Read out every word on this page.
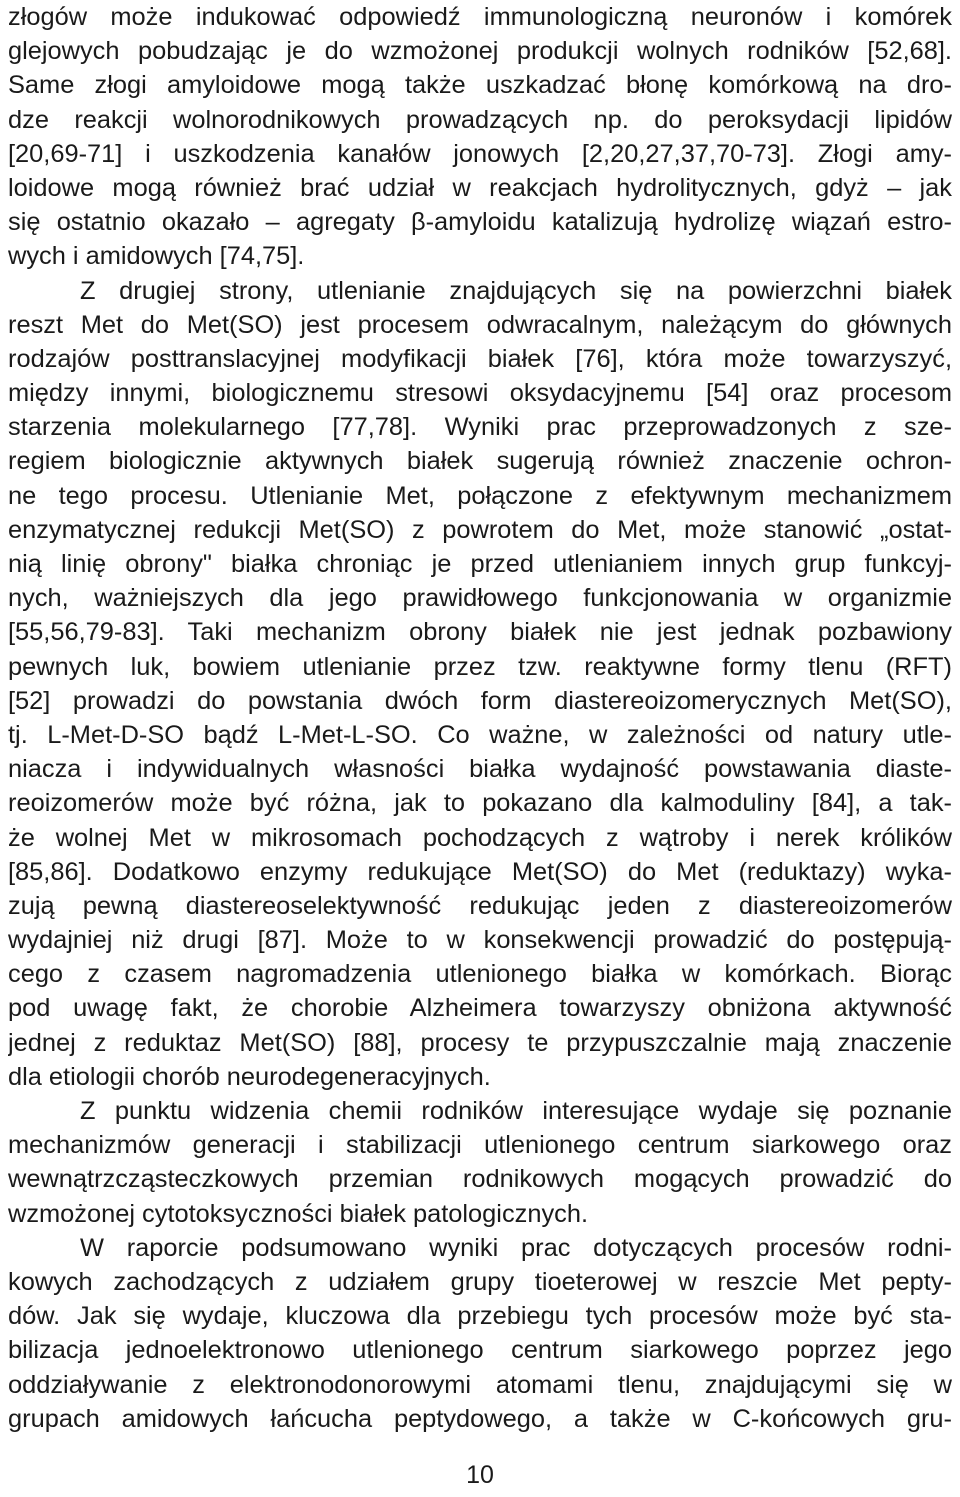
złogów może indukować odpowiedź immunologiczną neuronów i komórek
glejowych pobudzając je do wzmożonej produkcji wolnych rodników [52,68].
Same złogi amyloidowe mogą także uszkadzać błonę komórkową na dro-
dze reakcji wolnorodnikowych prowadzących np. do peroksydacji lipidów
[20,69-71] i uszkodzenia kanałów jonowych [2,20,27,37,70-73]. Złogi amy-
loidowe mogą również brać udział w reakcjach hydrolitycznych, gdyż – jak
się ostatnio okazało – agregaty β-amyloidu katalizują hydrolizę wiązań estro-
wych i amidowych [74,75].
Z drugiej strony, utlenianie znajdujących się na powierzchni białek
reszt Met do Met(SO) jest procesem odwracalnym, należącym do głównych
rodzajów posttranslacyjnej modyfikacji białek [76], która może towarzyszyć,
między innymi, biologicznemu stresowi oksydacyjnemu [54] oraz procesom
starzenia molekularnego [77,78]. Wyniki prac przeprowadzonych z sze-
regiem biologicznie aktywnych białek sugerują również znaczenie ochron-
ne tego procesu. Utlenianie Met, połączone z efektywnym mechanizmem
enzymatycznej redukcji Met(SO) z powrotem do Met, może stanowić „ostat-
nią linię obrony" białka chroniąc je przed utlenianiem innych grup funkcyj-
nych, ważniejszych dla jego prawidłowego funkcjonowania w organizmie
[55,56,79-83]. Taki mechanizm obrony białek nie jest jednak pozbawiony
pewnych luk, bowiem utlenianie przez tzw. reaktywne formy tlenu (RFT)
[52] prowadzi do powstania dwóch form diastereoizomerycznych Met(SO),
tj. L-Met-D-SO bądź L-Met-L-SO. Co ważne, w zależności od natury utle-
niacza i indywidualnych własności białka wydajność powstawania diaste-
reoizomerów może być różna, jak to pokazano dla kalmoduliny [84], a tak-
że wolnej Met w mikrosomach pochodzących z wątroby i nerek królików
[85,86]. Dodatkowo enzymy redukujące Met(SO) do Met (reduktazy) wyka-
zują pewną diastereoselektywność redukując jeden z diastereoizomerów
wydajniej niż drugi [87]. Może to w konsekwencji prowadzić do postępują-
cego z czasem nagromadzenia utlenionego białka w komórkach. Biorąc
pod uwagę fakt, że chorobie Alzheimera towarzyszy obniżona aktywność
jednej z reduktaz Met(SO) [88], procesy te przypuszczalnie mają znaczenie
dla etiologii chorób neurodegeneracyjnych.
Z punktu widzenia chemii rodników interesujące wydaje się poznanie
mechanizmów generacji i stabilizacji utlenionego centrum siarkowego oraz
wewnątrzcząsteczkowych przemian rodnikowych mogących prowadzić do
wzmożonej cytotoksyczności białek patologicznych.
W raporcie podsumowano wyniki prac dotyczących procesów rodni-
kowych zachodzących z udziałem grupy tioeterowej w reszcie Met pepty-
dów. Jak się wydaje, kluczowa dla przebiegu tych procesów może być sta-
bilizacja jednoelektronowo utlenionego centrum siarkowego poprzez jego
oddziaływanie z elektronodonorowymi atomami tlenu, znajdującymi się w
grupach amidowych łańcucha peptydowego, a także w C-końcowych gru-
10
